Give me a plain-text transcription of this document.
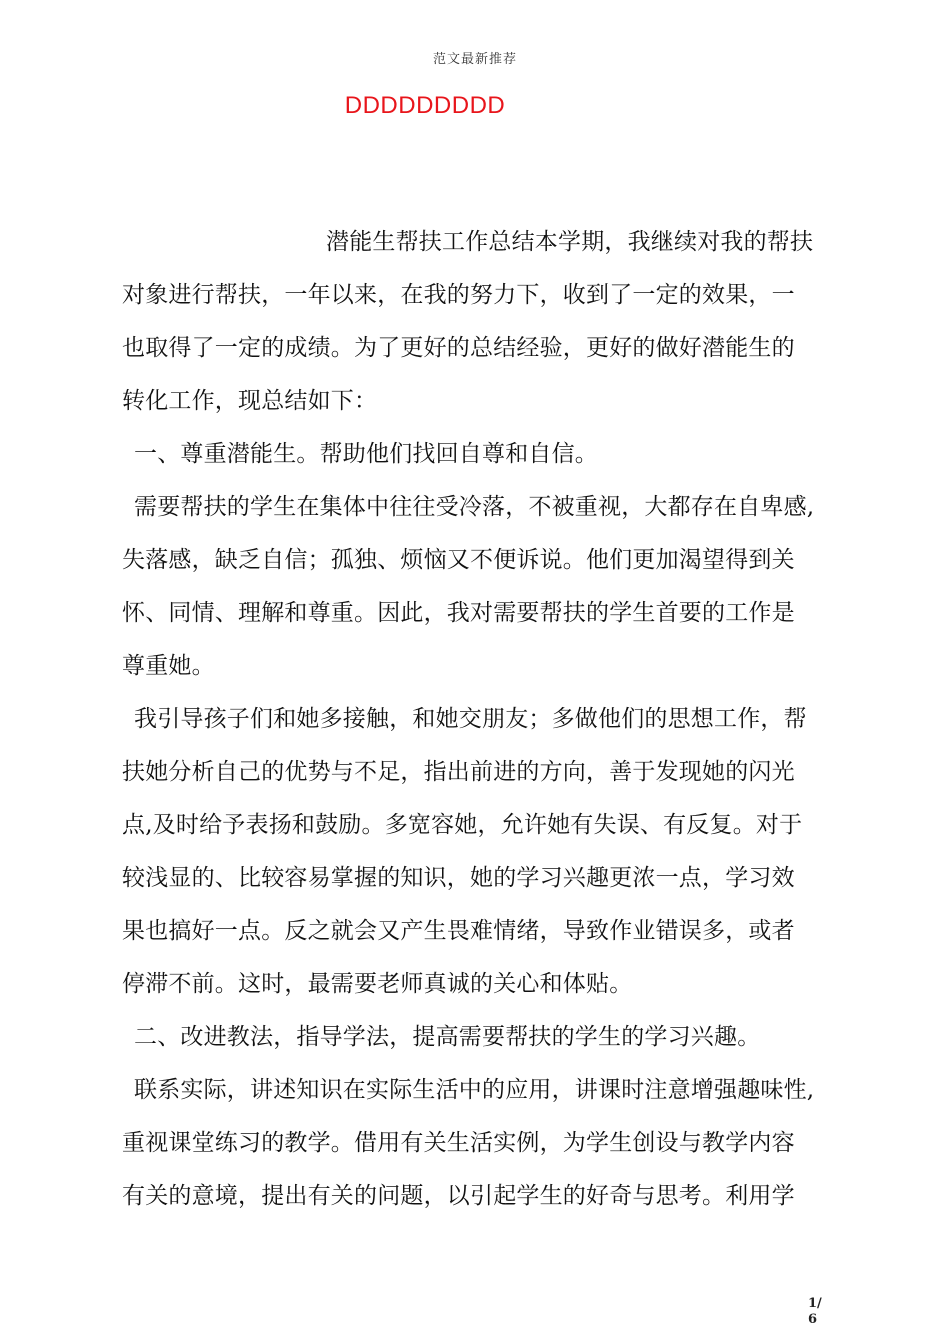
范文最新推荐
DDDDDDDDD
潜能生帮扶工作总结本学期，我继续对我的帮扶
对象进行帮扶，一年以来，在我的努力下，收到了一定的效果，一
也取得了一定的成绩。为了更好的总结经验，更好的做好潜能生的
转化工作，现总结如下：
一、尊重潜能生。帮助他们找回自尊和自信。
需要帮扶的学生在集体中往往受冷落，不被重视，大都存在自卑感,
失落感，缺乏自信；孤独、烦恼又不便诉说。他们更加渴望得到关
怀、同情、理解和尊重。因此，我对需要帮扶的学生首要的工作是
尊重她。
我引导孩子们和她多接触，和她交朋友；多做他们的思想工作，帮
扶她分析自己的优势与不足，指出前进的方向，善于发现她的闪光
点,及时给予表扬和鼓励。多宽容她，允许她有失误、有反复。对于
较浅显的、比较容易掌握的知识，她的学习兴趣更浓一点，学习效
果也搞好一点。反之就会又产生畏难情绪，导致作业错误多，或者
停滞不前。这时，最需要老师真诚的关心和体贴。
二、改进教法，指导学法，提高需要帮扶的学生的学习兴趣。
联系实际，讲述知识在实际生活中的应用，讲课时注意增强趣味性,
重视课堂练习的教学。借用有关生活实例，为学生创设与教学内容
有关的意境，提出有关的问题，以引起学生的好奇与思考。利用学
1/
6
